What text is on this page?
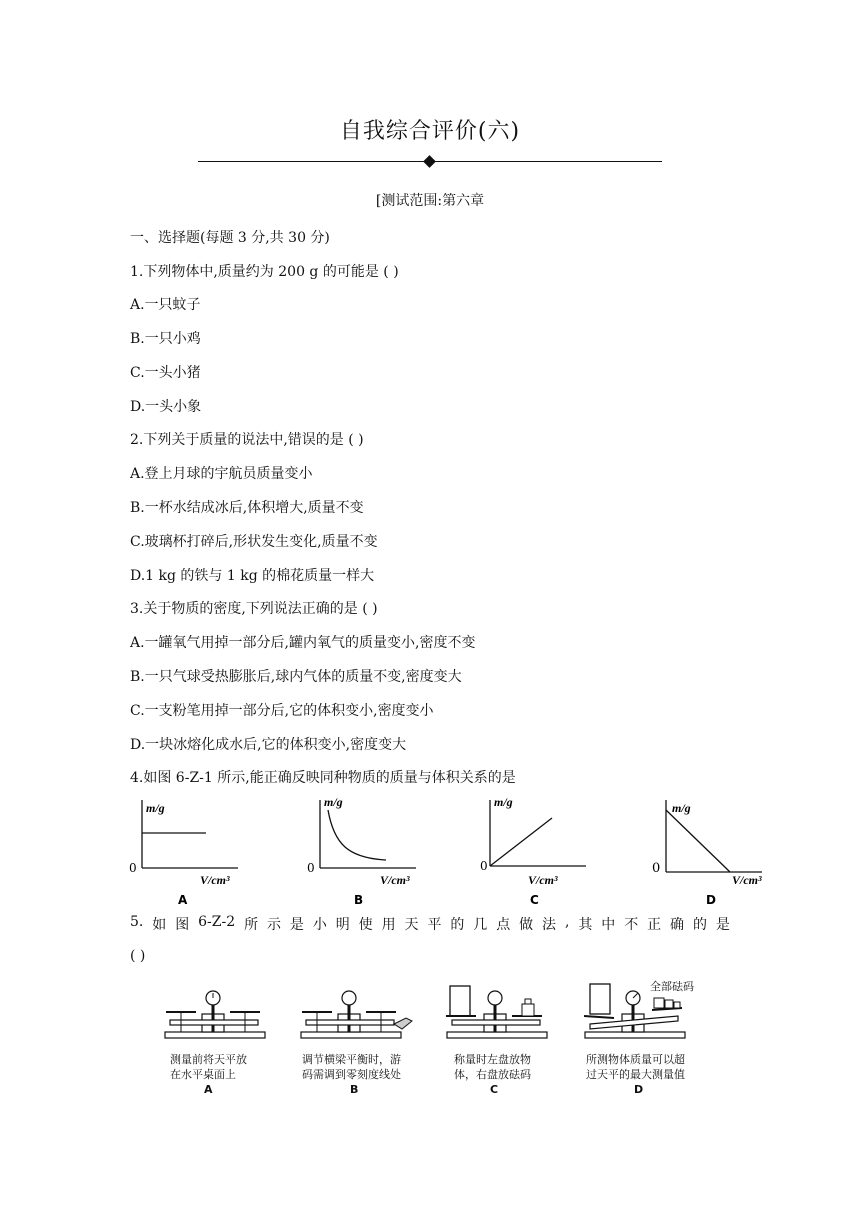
自我综合评价(六)
[测试范围:第六章
一、选择题(每题 3 分,共 30 分)
1.下列物体中,质量约为 200 g 的可能是 ( )
A.一只蚊子
B.一只小鸡
C.一头小猪
D.一头小象
2.下列关于质量的说法中,错误的是 ( )
A.登上月球的宇航员质量变小
B.一杯水结成冰后,体积增大,质量不变
C.玻璃杯打碎后,形状发生变化,质量不变
D.1 kg 的铁与 1 kg 的棉花质量一样大
3.关于物质的密度,下列说法正确的是 ( )
A.一罐氧气用掉一部分后,罐内氧气的质量变小,密度不变
B.一只气球受热膨胀后,球内气体的质量不变,密度变大
C.一支粉笔用掉一部分后,它的体积变小,密度变小
D.一块冰熔化成水后,它的体积变小,密度变大
4.如图 6-Z-1 所示,能正确反映同种物质的质量与体积关系的是
m/g
0
V/cm³
A
m/g
0
V/cm³
B
m/g
0
V/cm³
C
m/g
0
V/cm³
D
5. 如 图 6-Z-2 所 示 是 小 明 使 用 天 平 的 几 点 做 法 , 其 中 不 正 确 的 是
( )
全部砝码
测量前将天平放
在水平桌面上
A
调节横梁平衡时，游
码需调到零刻度线处
B
称量时左盘放物
体，右盘放砝码
C
所测物体质量可以超
过天平的最大测量值
D
